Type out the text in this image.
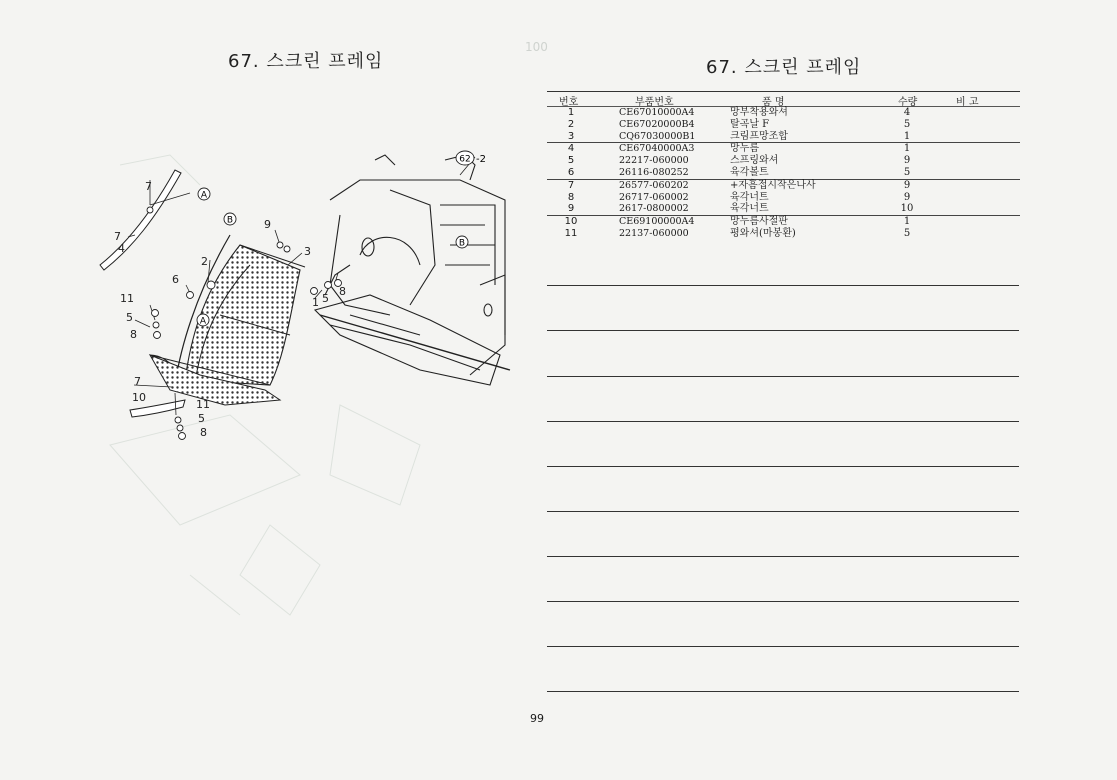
67. 스크린 프레임	67. 스크린 프레임
100
A
B
A
B
62 -2
7
7
4
11
5
8
6
2
9
3
1 5
8
7
10
11
5
8
번호	부품번호	품 명	수량	비 고
1	CE67010000A4	망부착용와셔	4
2	CE67020000B4	탈곡날 F	5
3	CQ67030000B1	크림프망조합	1
4	CE67040000A3	망누름	1
5	22217-060000	스프링와셔	9
6	26116-080252	육각볼트	5
7	26577-060202	+자흠접시작은나사	9
8	26717-060002	육각너트	9
9	2617-0800002	육각너트	10
10	CE69100000A4	망누름사절판	1
11	22137-060000	평와셔(마봉환)	5
99
